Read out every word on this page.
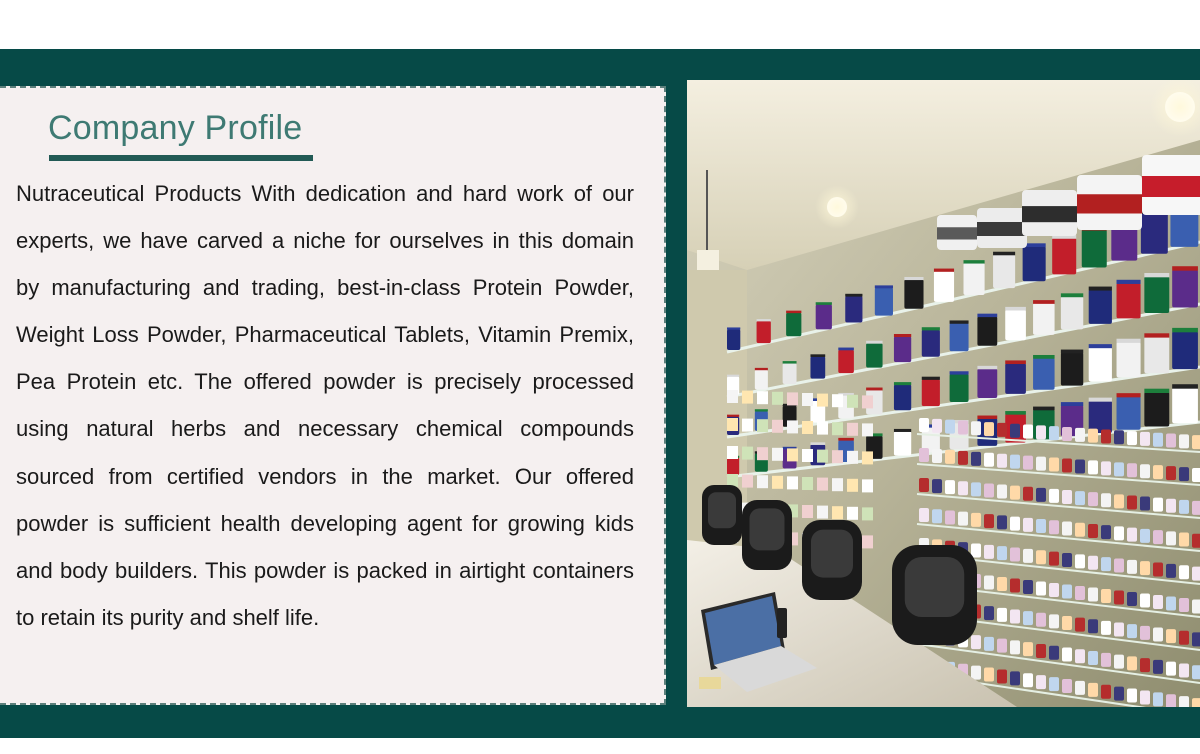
Company Profile

Nutraceutical Products With dedication and hard work of our experts, we have carved a niche for ourselves in this domain by manufacturing and trading, best-in-class Protein Powder, Weight Loss Powder, Pharmaceutical Tablets, Vitamin Premix, Pea Protein etc. The offered powder is precisely processed using natural herbs and necessary chemical compounds sourced from certified vendors in the market. Our offered powder is sufficient health developing agent for growing kids and body builders. This powder is packed in airtight containers to retain its purity and shelf life.
